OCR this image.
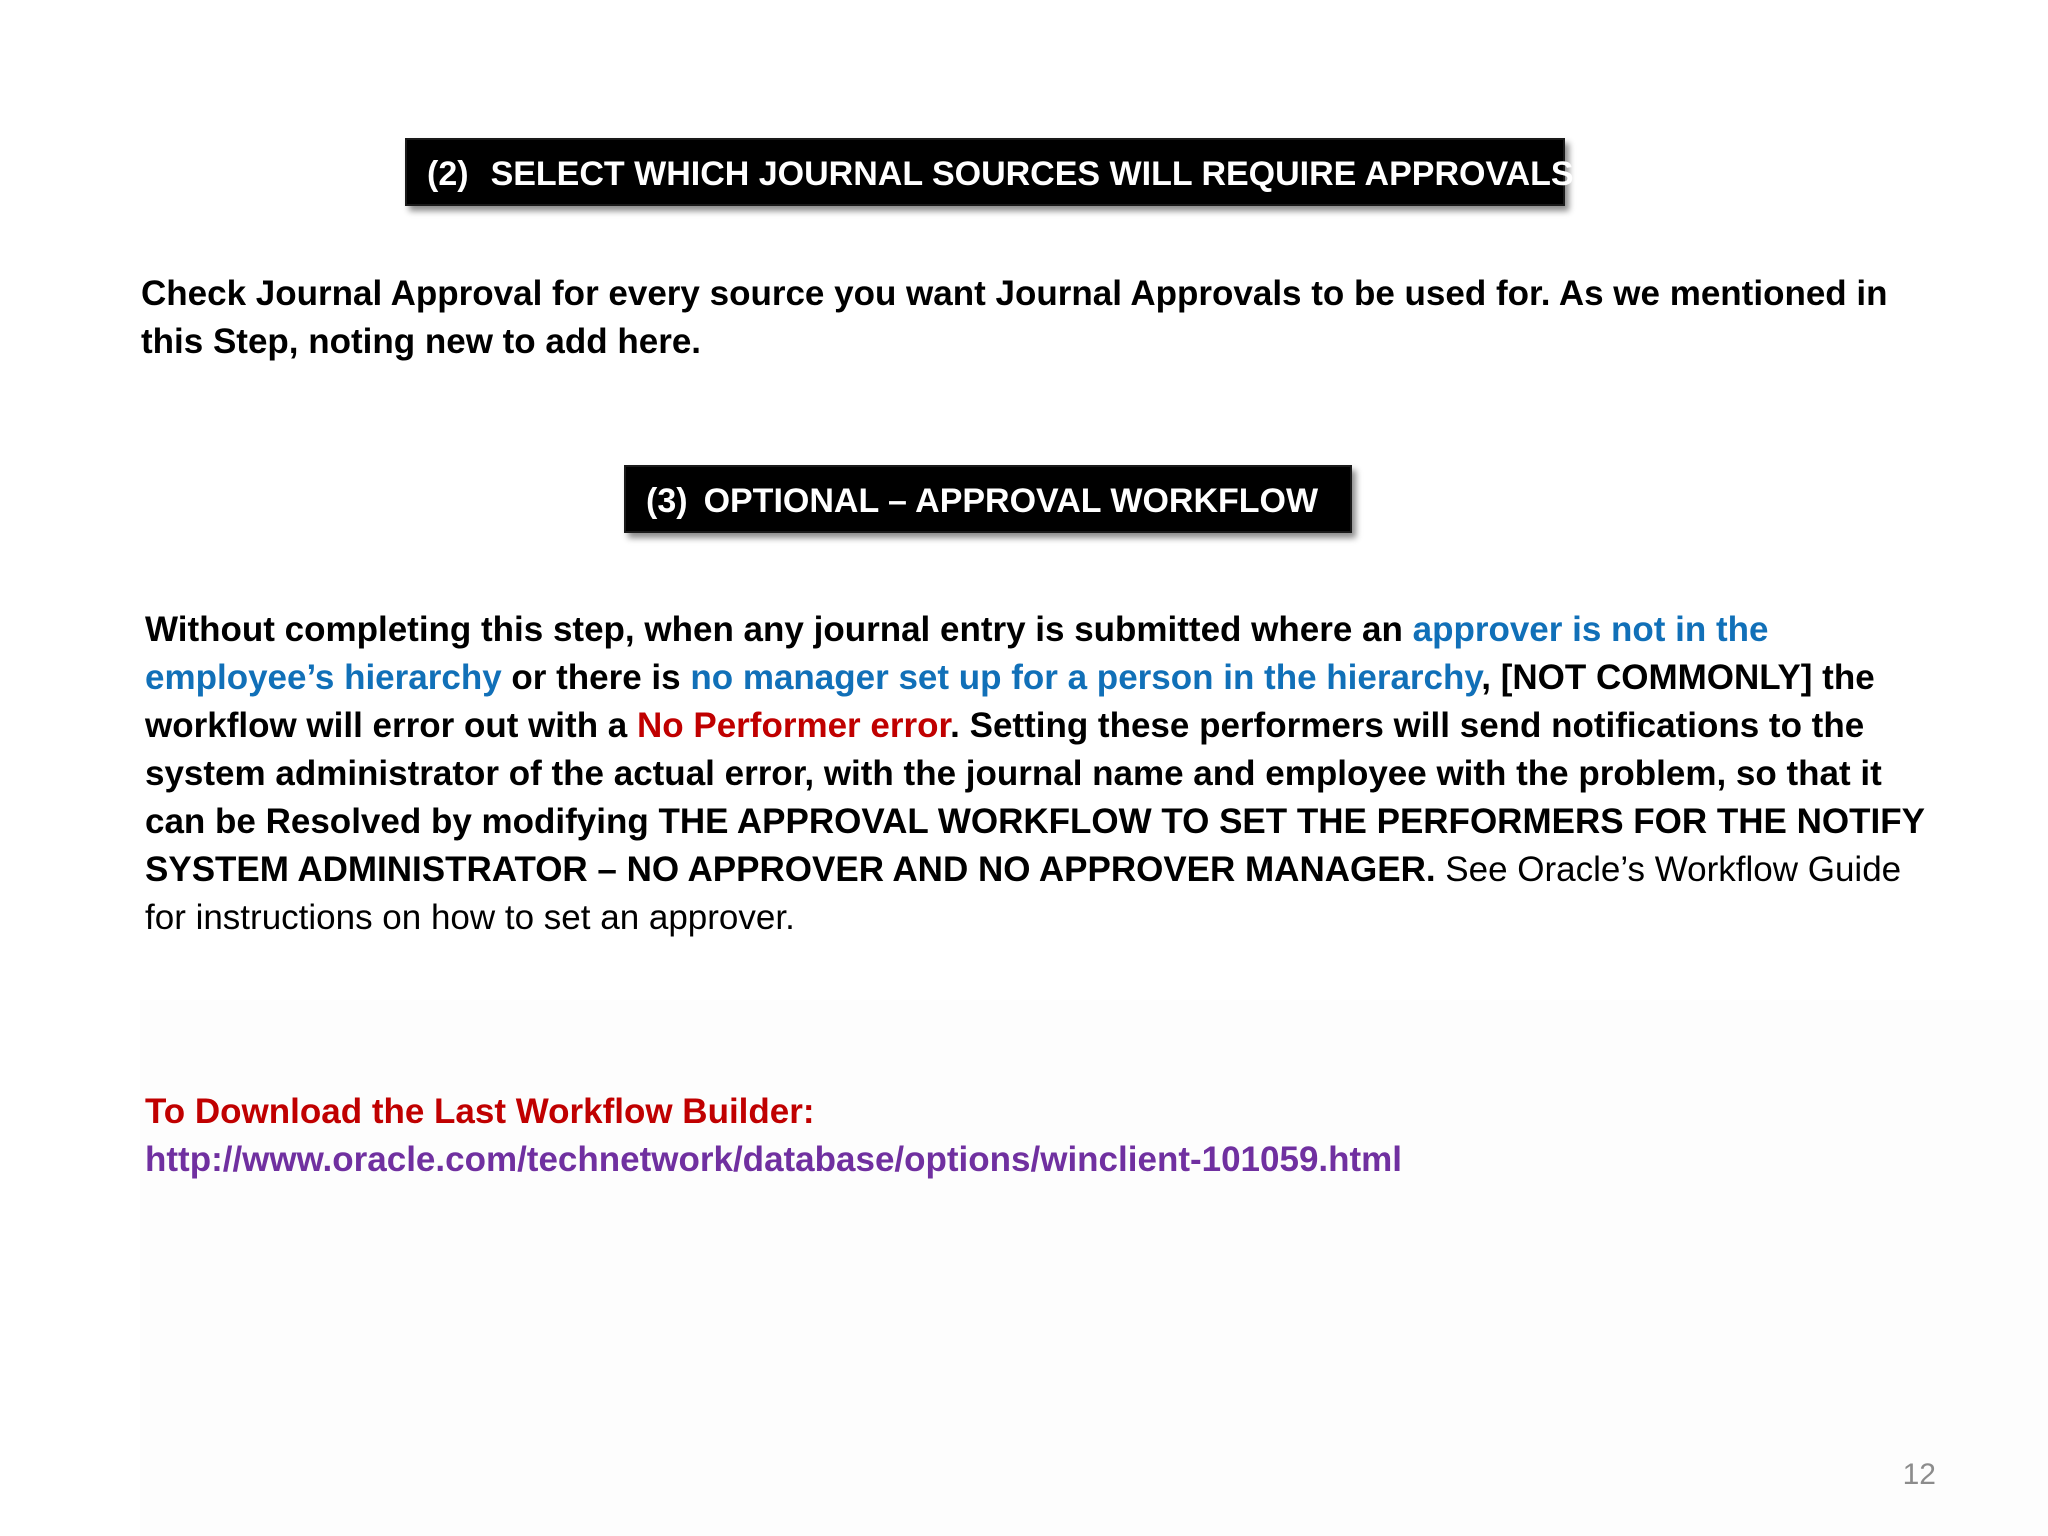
(2) SELECT WHICH JOURNAL SOURCES WILL REQUIRE APPROVALS.
Check Journal Approval for every source you want Journal Approvals to be used for. As we mentioned in this Step, noting new to add here.
(3) OPTIONAL – APPROVAL WORKFLOW
Without completing this step, when any journal entry is submitted where an approver is not in the employee’s hierarchy or there is no manager set up for a person in the hierarchy, [NOT COMMONLY] the workflow will error out with a No Performer error. Setting these performers will send notifications to the system administrator of the actual error, with the journal name and employee with the problem, so that it can be Resolved by modifying THE APPROVAL WORKFLOW TO SET THE PERFORMERS FOR THE NOTIFY SYSTEM ADMINISTRATOR – NO APPROVER AND NO APPROVER MANAGER. See Oracle’s Workflow Guide for instructions on how to set an approver.
To Download the Last Workflow Builder:
http://www.oracle.com/technetwork/database/options/winclient-101059.html
12
